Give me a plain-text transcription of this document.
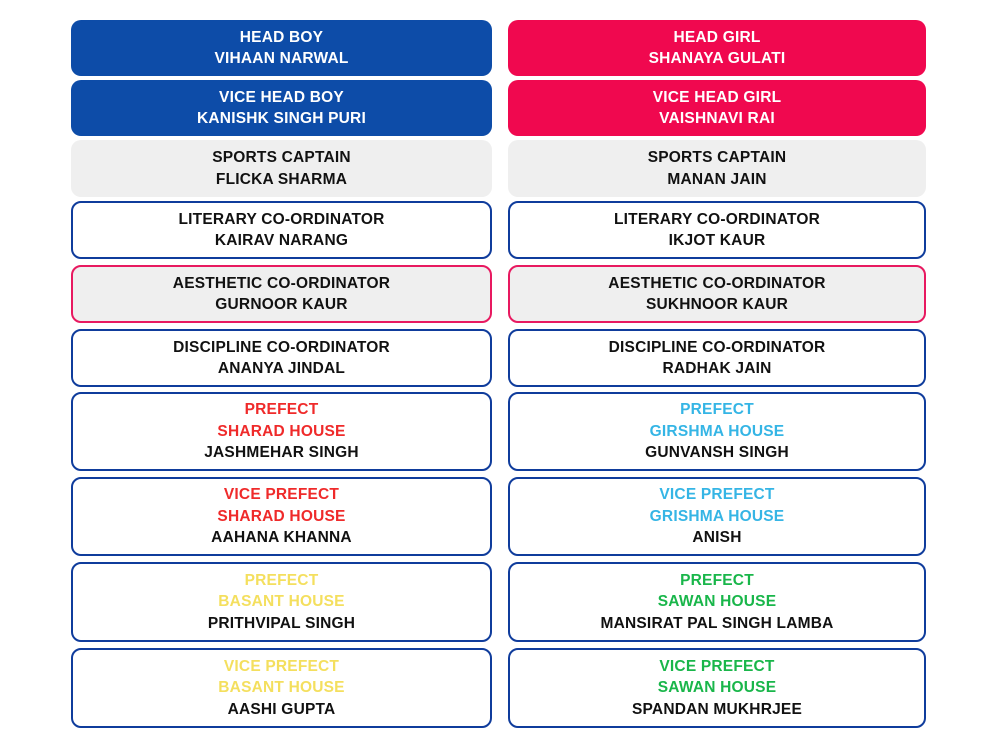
HEAD BOY
VIHAAN NARWAL
VICE HEAD BOY
KANISHK SINGH PURI
SPORTS CAPTAIN
FLICKA SHARMA
LITERARY CO-ORDINATOR
KAIRAV NARANG
AESTHETIC CO-ORDINATOR
GURNOOR KAUR
DISCIPLINE CO-ORDINATOR
ANANYA JINDAL
PREFECT
SHARAD HOUSE
JASHMEHAR SINGH
VICE PREFECT
SHARAD HOUSE
AAHANA KHANNA
PREFECT
BASANT HOUSE
PRITHVIPAL SINGH
VICE PREFECT
BASANT HOUSE
AASHI GUPTA
HEAD GIRL
SHANAYA GULATI
VICE HEAD GIRL
VAISHNAVI RAI
SPORTS CAPTAIN
MANAN JAIN
LITERARY CO-ORDINATOR
IKJOT KAUR
AESTHETIC CO-ORDINATOR
SUKHNOOR KAUR
DISCIPLINE CO-ORDINATOR
RADHAK JAIN
PREFECT
GIRSHMA HOUSE
GUNVANSH SINGH
VICE PREFECT
GRISHMA HOUSE
ANISH
PREFECT
SAWAN HOUSE
MANSIRAT PAL SINGH LAMBA
VICE PREFECT
SAWAN HOUSE
SPANDAN MUKHRJEE
